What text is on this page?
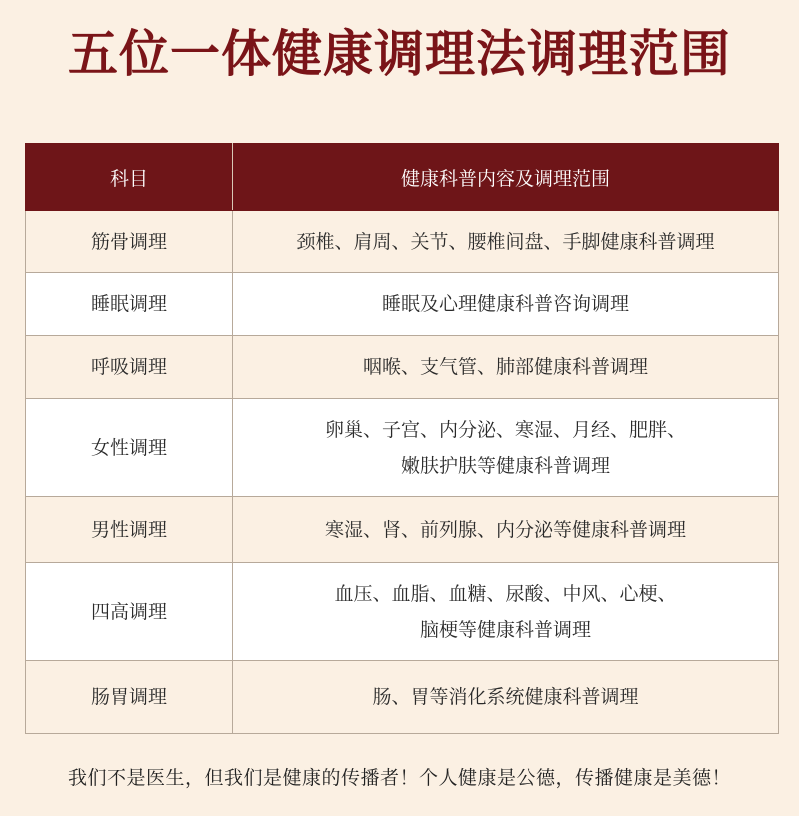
五位一体健康调理法调理范围
科目	健康科普内容及调理范围
筋骨调理	颈椎、肩周、关节、腰椎间盘、手脚健康科普调理

睡眠调理	睡眠及心理健康科普咨询调理

呼吸调理	咽喉、支气管、肺部健康科普调理

女性调理	卵巢、子宫、内分泌、寒湿、月经、肥胖、
嫩肤护肤等健康科普调理

男性调理	寒湿、肾、前列腺、内分泌等健康科普调理

四高调理	血压、血脂、血糖、尿酸、中风、心梗、
脑梗等健康科普调理

肠胃调理	肠、胃等消化系统健康科普调理
我们不是医生，但我们是健康的传播者！个人健康是公德，传播健康是美德！
